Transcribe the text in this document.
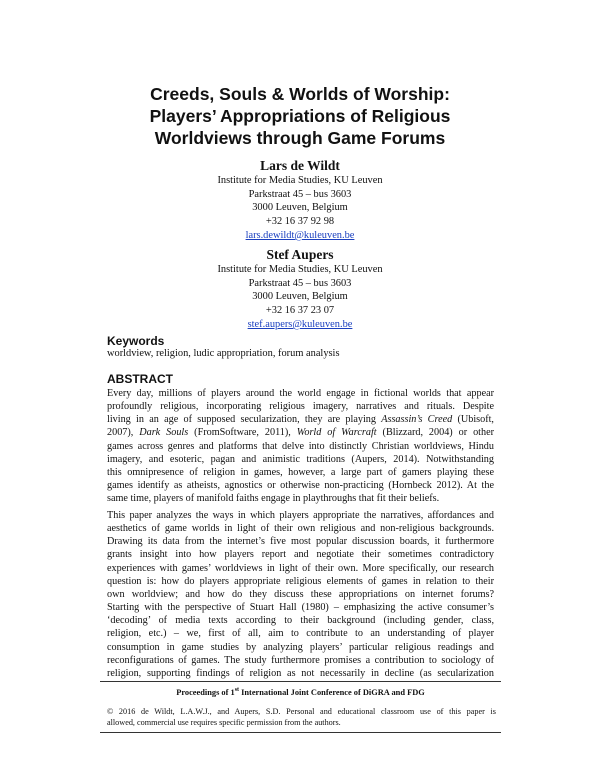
Creeds, Souls & Worlds of Worship:
Players’ Appropriations of Religious
Worldviews through Game Forums
Lars de Wildt
Institute for Media Studies, KU Leuven
Parkstraat 45 – bus 3603
3000 Leuven, Belgium
+32 16 37 92 98
lars.dewildt@kuleuven.be
Stef Aupers
Institute for Media Studies, KU Leuven
Parkstraat 45 – bus 3603
3000 Leuven, Belgium
+32 16 37 23 07
stef.aupers@kuleuven.be
Keywords

worldview, religion, ludic appropriation, forum analysis

ABSTRACT

Every day, millions of players around the world engage in fictional worlds that appear
profoundly religious, incorporating religious imagery, narratives and rituals. Despite
living in an age of supposed secularization, they are playing Assassin’s Creed (Ubisoft,
2007), Dark Souls (FromSoftware, 2011), World of Warcraft (Blizzard, 2004) or other
games across genres and platforms that delve into distinctly Christian worldviews, Hindu
imagery, and esoteric, pagan and animistic traditions (Aupers, 2014). Notwithstanding
this omnipresence of religion in games, however, a large part of gamers playing these
games identify as atheists, agnostics or otherwise non-practicing (Hornbeck 2012). At the
same time, players of manifold faiths engage in playthroughs that fit their beliefs.

This paper analyzes the ways in which players appropriate the narratives, affordances and
aesthetics of game worlds in light of their own religious and non-religious backgrounds.
Drawing its data from the internet’s five most popular discussion boards, it furthermore
grants insight into how players report and negotiate their sometimes contradictory
experiences with games’ worldviews in light of their own. More specifically, our research
question is: how do players appropriate religious elements of games in relation to their
own worldview; and how do they discuss these appropriations on internet forums?
Starting with the perspective of Stuart Hall (1980) – emphasizing the active consumer’s
‘decoding’ of media texts according to their background (including gender, class,
religion, etc.) – we, first of all, aim to contribute to an understanding of player
consumption in game studies by analyzing players’ particular religious readings and
reconfigurations of games. The study furthermore promises a contribution to sociology of
religion, supporting findings of religion as not necessarily in decline (as secularization

Proceedings of 1st International Joint Conference of DiGRA and FDG

© 2016 de Wildt, L.A.W.J., and Aupers, S.D. Personal and educational classroom use of this paper is
allowed, commercial use requires specific permission from the authors.
